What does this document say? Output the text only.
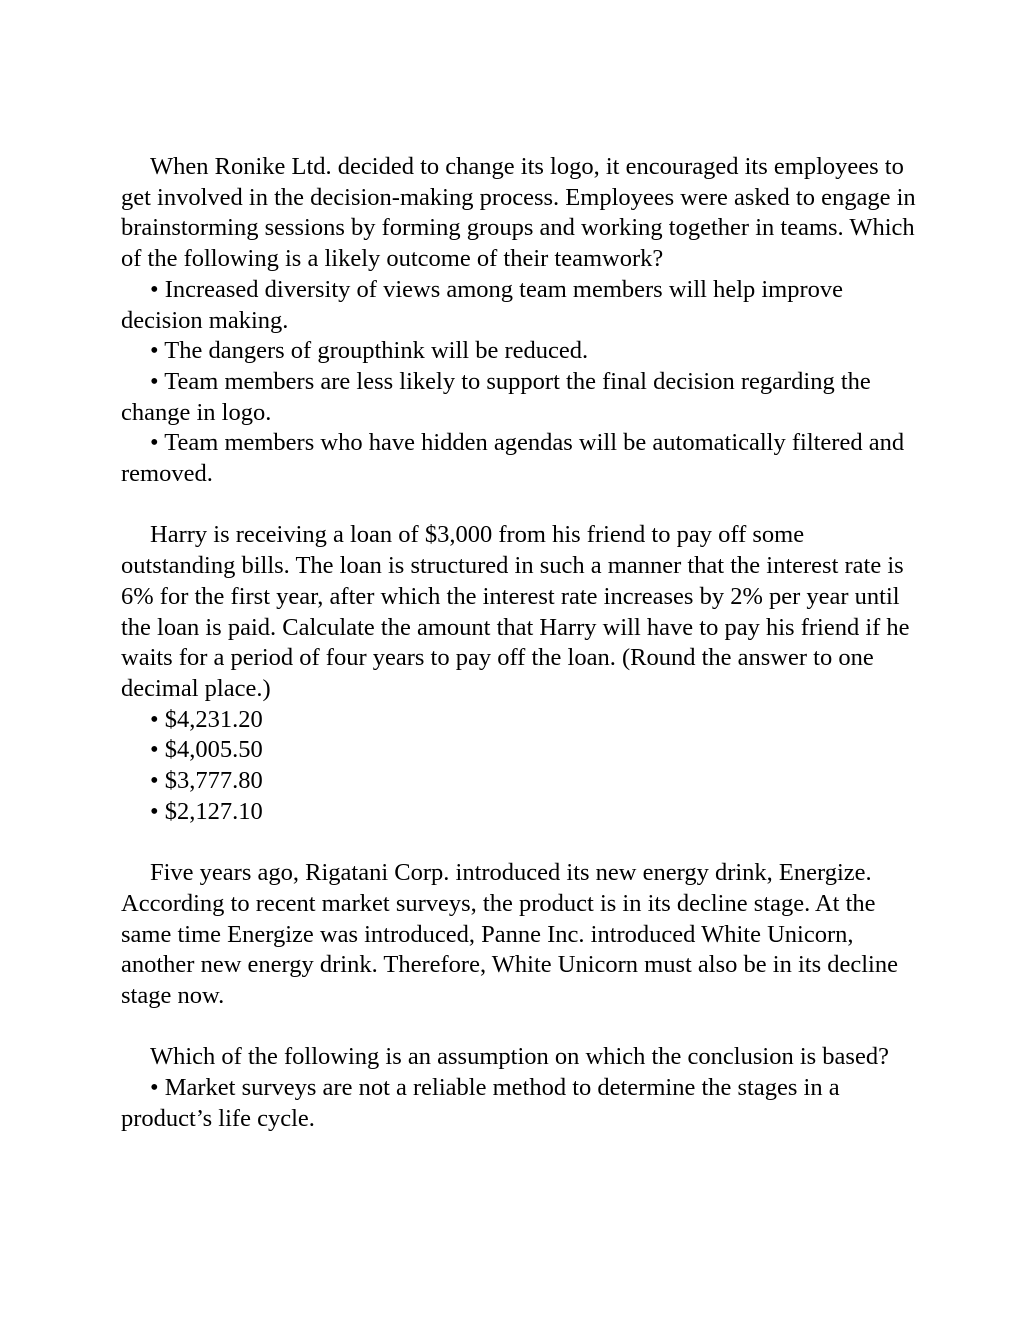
When Ronike Ltd. decided to change its logo, it encouraged its employees to get involved in the decision-making process. Employees were asked to engage in brainstorming sessions by forming groups and working together in teams. Which of the following is a likely outcome of their teamwork?

• Increased diversity of views among team members will help improve decision making.

• The dangers of groupthink will be reduced.

• Team members are less likely to support the final decision regarding the change in logo.

• Team members who have hidden agendas will be automatically filtered and removed.

Harry is receiving a loan of $3,000 from his friend to pay off some outstanding bills. The loan is structured in such a manner that the interest rate is 6% for the first year, after which the interest rate increases by 2% per year until the loan is paid. Calculate the amount that Harry will have to pay his friend if he waits for a period of four years to pay off the loan. (Round the answer to one decimal place.)

• $4,231.20

• $4,005.50

• $3,777.80

• $2,127.10

Five years ago, Rigatani Corp. introduced its new energy drink, Energize. According to recent market surveys, the product is in its decline stage. At the same time Energize was introduced, Panne Inc. introduced White Unicorn, another new energy drink. Therefore, White Unicorn must also be in its decline stage now.

Which of the following is an assumption on which the conclusion is based?

• Market surveys are not a reliable method to determine the stages in a product’s life cycle.
